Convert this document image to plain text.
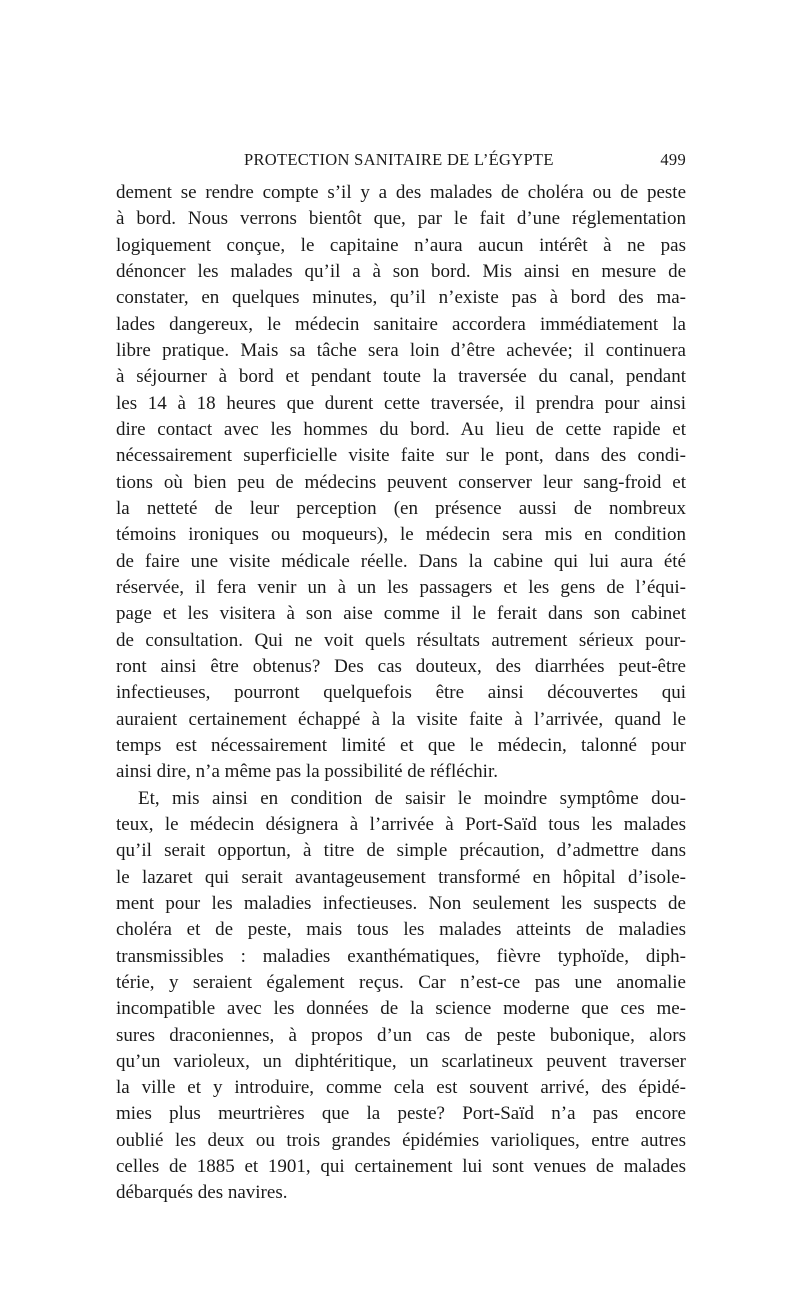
PROTECTION SANITAIRE DE L’ÉGYPTE	499
dement se rendre compte s’il y a des malades de choléra ou de peste
à bord. Nous verrons bientôt que, par le fait d’une réglementation
logiquement conçue, le capitaine n’aura aucun intérêt à ne pas
dénoncer les malades qu’il a à son bord. Mis ainsi en mesure de
constater, en quelques minutes, qu’il n’existe pas à bord des ma-
lades dangereux, le médecin sanitaire accordera immédiatement la
libre pratique. Mais sa tâche sera loin d’être achevée; il continuera
à séjourner à bord et pendant toute la traversée du canal, pendant
les 14 à 18 heures que durent cette traversée, il prendra pour ainsi
dire contact avec les hommes du bord. Au lieu de cette rapide et
nécessairement superficielle visite faite sur le pont, dans des condi-
tions où bien peu de médecins peuvent conserver leur sang-froid et
la netteté de leur perception (en présence aussi de nombreux
témoins ironiques ou moqueurs), le médecin sera mis en condition
de faire une visite médicale réelle. Dans la cabine qui lui aura été
réservée, il fera venir un à un les passagers et les gens de l’équi-
page et les visitera à son aise comme il le ferait dans son cabinet
de consultation. Qui ne voit quels résultats autrement sérieux pour-
ront ainsi être obtenus? Des cas douteux, des diarrhées peut-être
infectieuses, pourront quelquefois être ainsi découvertes qui
auraient certainement échappé à la visite faite à l’arrivée, quand le
temps est nécessairement limité et que le médecin, talonné pour
ainsi dire, n’a même pas la possibilité de réfléchir.
Et, mis ainsi en condition de saisir le moindre symptôme dou-
teux, le médecin désignera à l’arrivée à Port-Saïd tous les malades
qu’il serait opportun, à titre de simple précaution, d’admettre dans
le lazaret qui serait avantageusement transformé en hôpital d’isole-
ment pour les maladies infectieuses. Non seulement les suspects de
choléra et de peste, mais tous les malades atteints de maladies
transmissibles : maladies exanthématiques, fièvre typhoïde, diph-
térie, y seraient également reçus. Car n’est-ce pas une anomalie
incompatible avec les données de la science moderne que ces me-
sures draconiennes, à propos d’un cas de peste bubonique, alors
qu’un varioleux, un diphtéritique, un scarlatineux peuvent traverser
la ville et y introduire, comme cela est souvent arrivé, des épidé-
mies plus meurtrières que la peste? Port-Saïd n’a pas encore
oublié les deux ou trois grandes épidémies varioliques, entre autres
celles de 1885 et 1901, qui certainement lui sont venues de malades
débarqués des navires.
